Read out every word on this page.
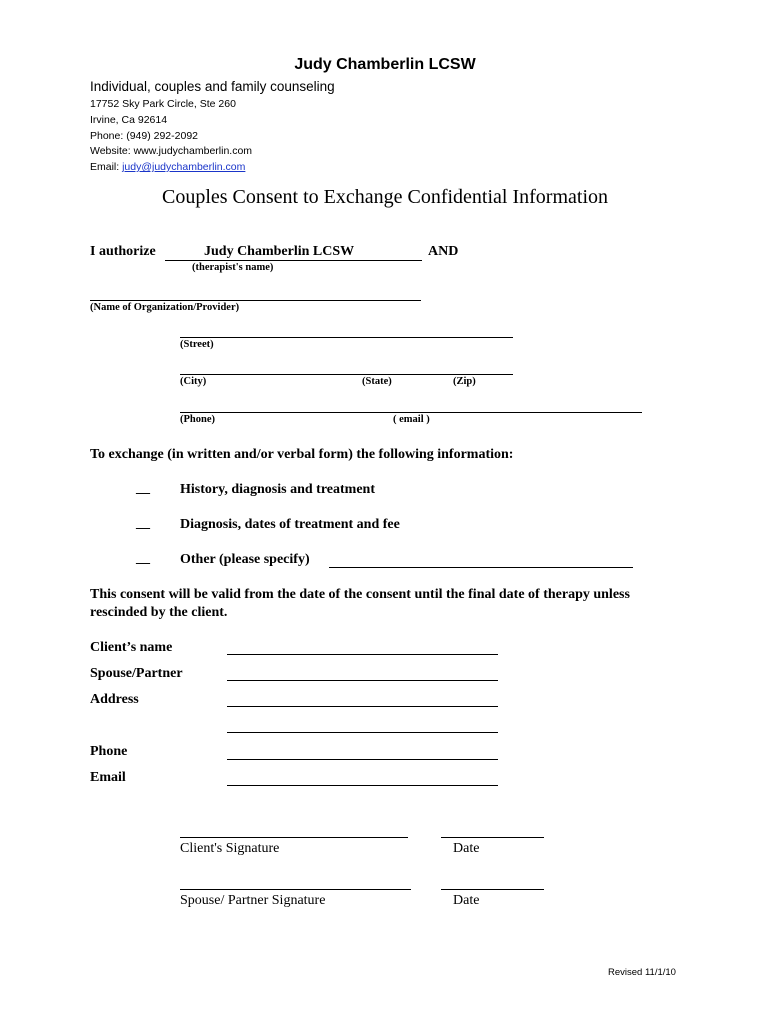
Judy Chamberlin LCSW
Individual, couples and family counseling
17752 Sky Park Circle, Ste 260
Irvine, Ca 92614
Phone: (949) 292-2092
Website: www.judychamberlin.com
Email: judy@judychamberlin.com
Couples Consent to Exchange Confidential Information
I authorize	Judy Chamberlin LCSW	AND
(therapist's name)
(Name of Organization/Provider)
(Street)
(City)	(State)	(Zip)
(Phone)	( email )
To exchange (in written and/or verbal form) the following information:
__ History, diagnosis and treatment
__ Diagnosis, dates of treatment and fee
__ Other (please specify)
This consent will be valid from the date of the consent until the final date of therapy unless
rescinded by the client.
Client’s name
Spouse/Partner
Address
Phone
Email
Client's Signature	Date
Spouse/ Partner Signature	Date
Revised 11/1/10
